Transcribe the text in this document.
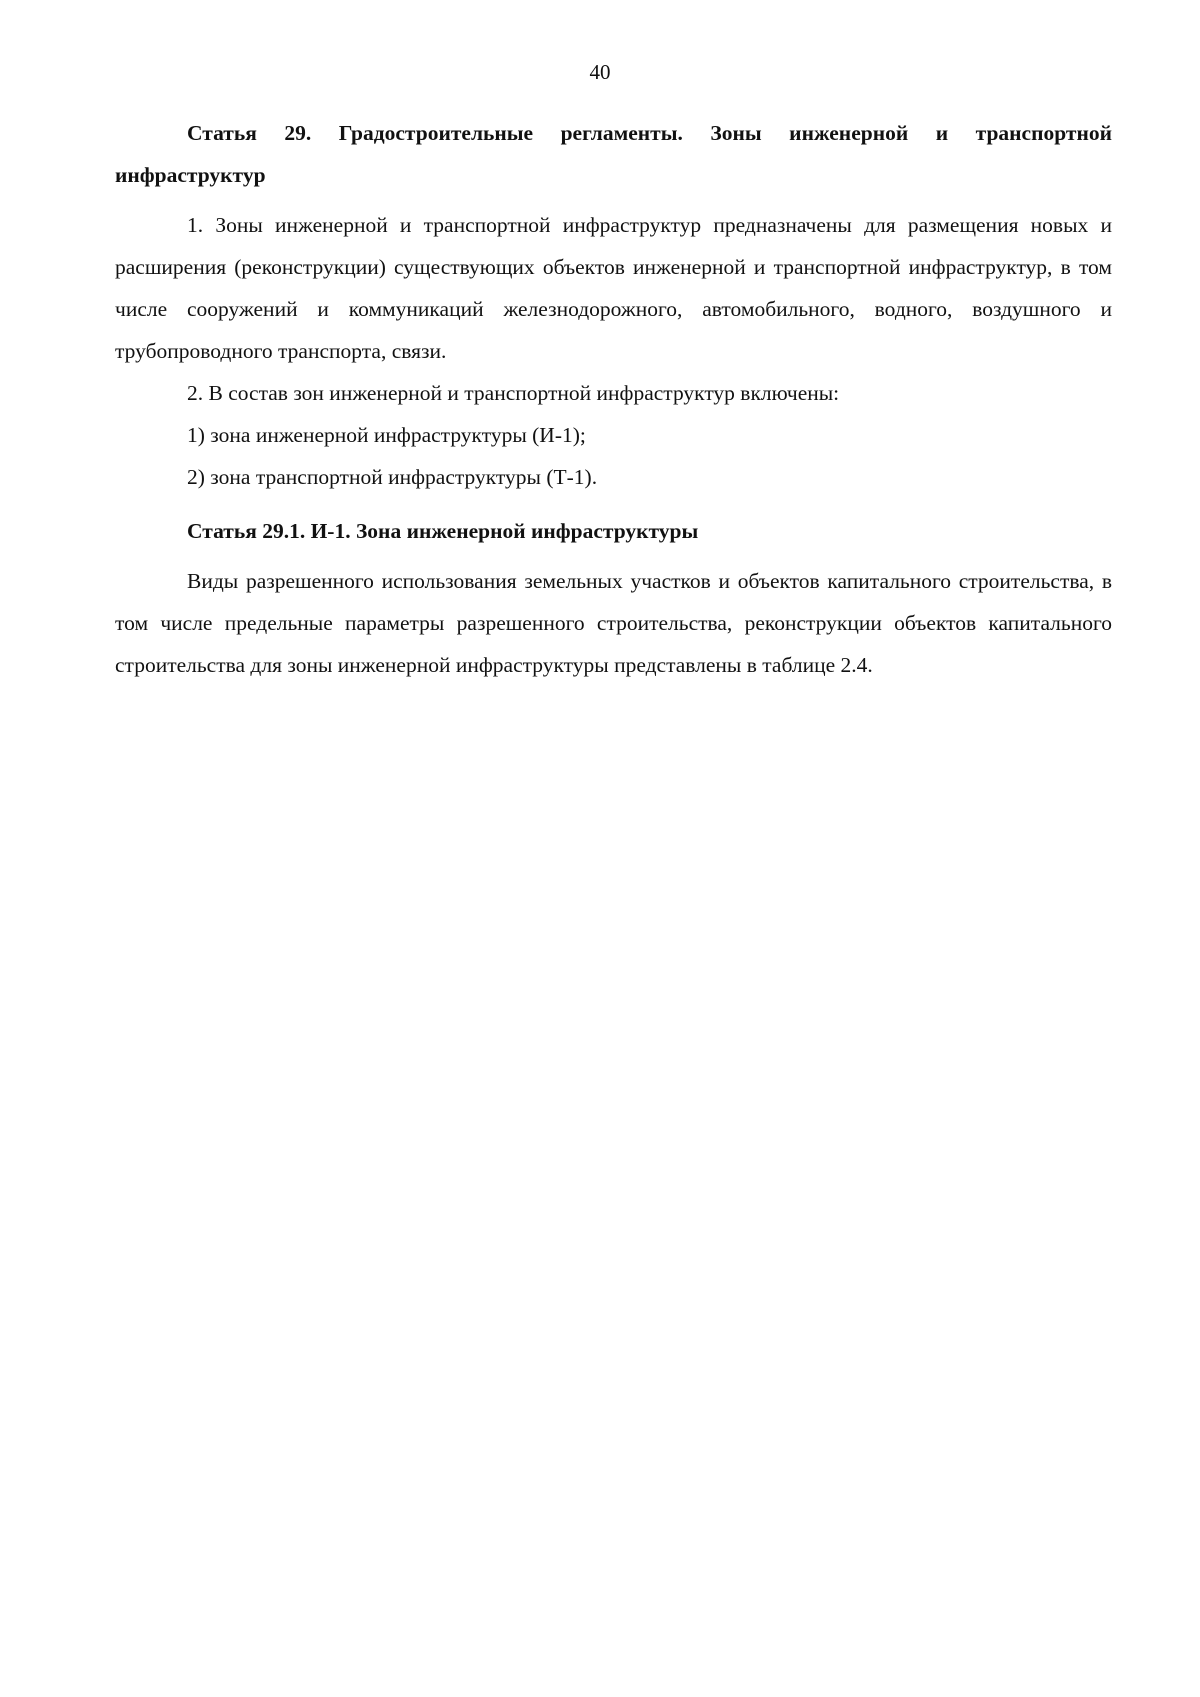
40

Статья 29. Градостроительные регламенты. Зоны инженерной и транспортной инфраструктур

1. Зоны инженерной и транспортной инфраструктур предназначены для размещения новых и расширения (реконструкции) существующих объектов инженерной и транспортной инфраструктур, в том числе сооружений и коммуникаций железнодорожного, автомобильного, водного, воздушного и трубопроводного транспорта, связи.

2. В состав зон инженерной и транспортной инфраструктур включены:

1) зона инженерной инфраструктуры (И-1);

2) зона транспортной инфраструктуры (Т-1).

Статья 29.1. И-1. Зона инженерной инфраструктуры

Виды разрешенного использования земельных участков и объектов капитального строительства, в том числе предельные параметры разрешенного строительства, реконструкции объектов капитального строительства для зоны инженерной инфраструктуры представлены в таблице 2.4.
